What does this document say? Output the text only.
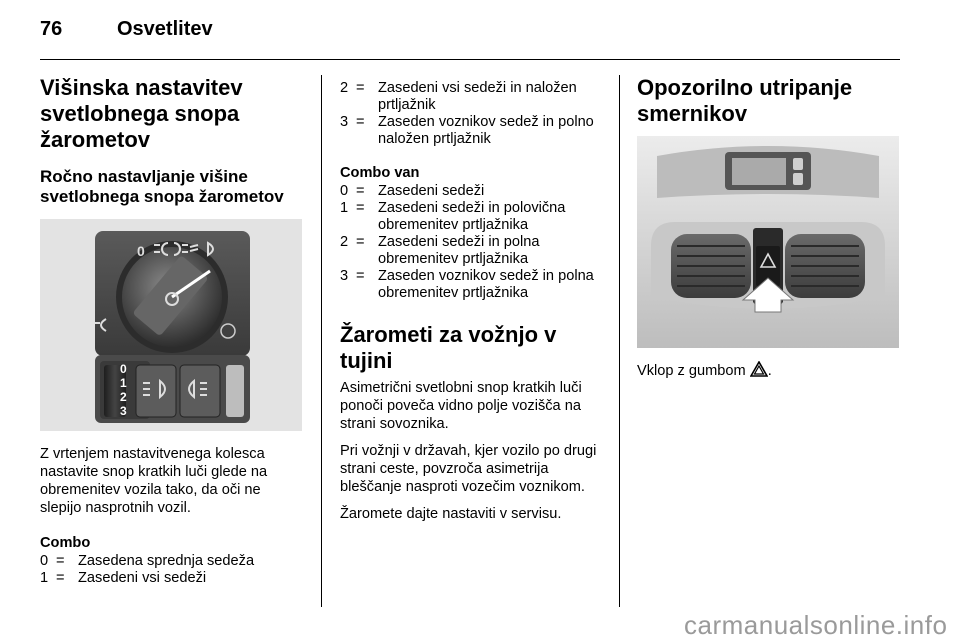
76	Osvetlitev
Višinska nastavitev svetlobnega snopa žarometov
Ročno nastavljanje višine svetlobnega snopa žarometov
0
0
1
2
3

Z vrtenjem nastavitvenega kolesca nastavite snop kratkih luči glede na obremenitev vozila tako, da oči ne slepijo nasprotnih vozil.

Combo
0 = Zasedena sprednja sedeža
1 = Zasedeni vsi sedeži
2 = Zasedeni vsi sedeži in naložen prtljažnik
3 = Zaseden voznikov sedež in polno naložen prtljažnik
Combo van
0 = Zasedeni sedeži
1 = Zasedeni sedeži in polovična obremenitev prtljažnika
2 = Zasedeni sedeži in polna obremenitev prtljažnika
3 = Zaseden voznikov sedež in polna obremenitev prtljažnika
Žarometi za vožnjo v tujini

Asimetrični svetlobni snop kratkih luči ponoči poveča vidno polje vozišča na strani sovoznika.

Pri vožnji v državah, kjer vozilo po drugi strani ceste, povzroča asimetrija bleščanje nasproti vozečim voznikom.

Žaromete dajte nastaviti v servisu.

Opozorilno utripanje smernikov

Vklop z gumbom .

carmanualsonline.info
